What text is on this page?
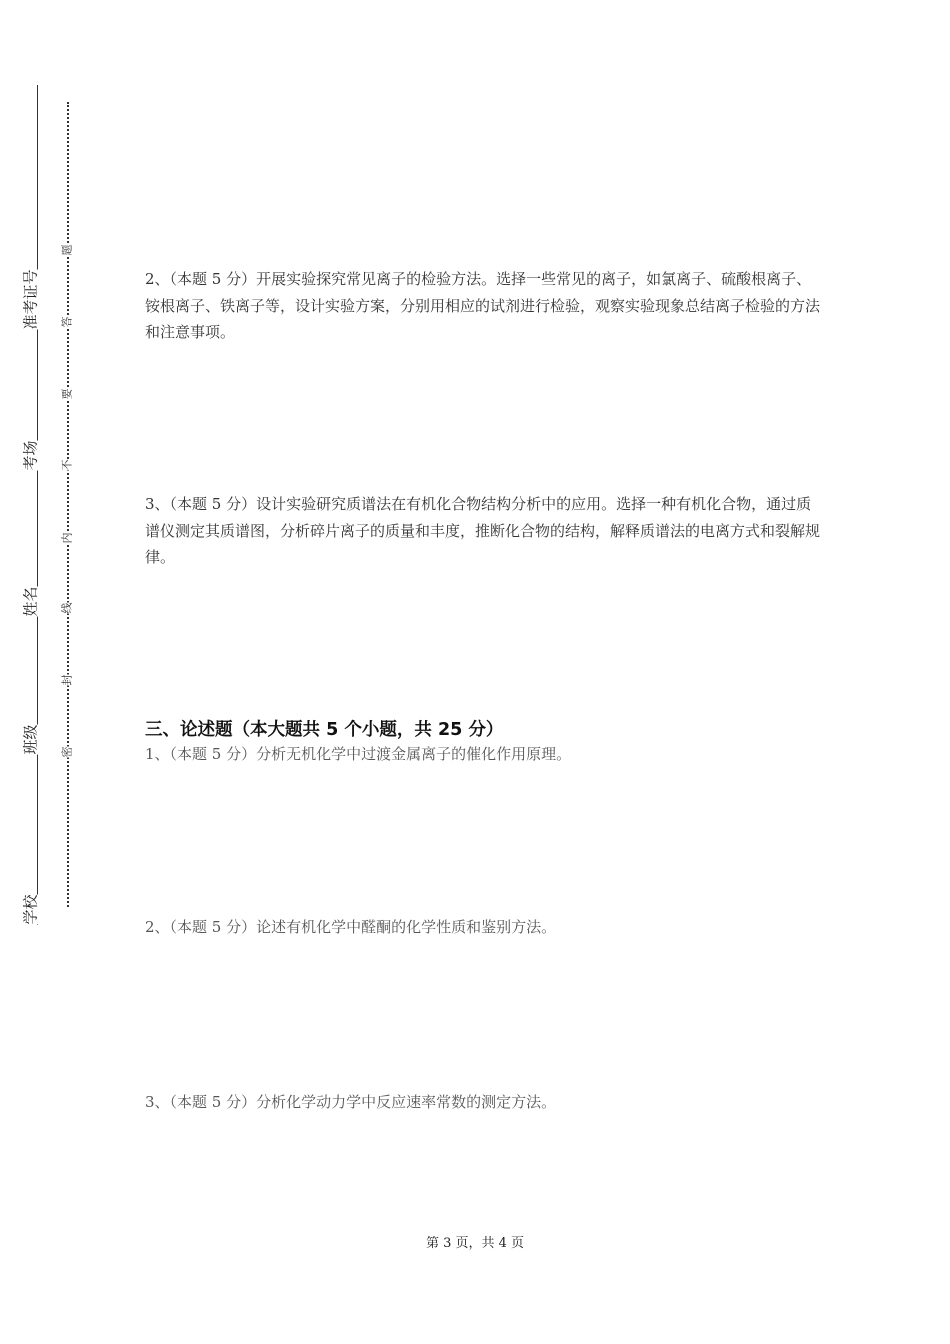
准考证号
考场
姓名
班级
学校
题
答
要
不
内
线
封
密

2、（本题 5 分）开展实验探究常见离子的检验方法。选择一些常见的离子，如氯离子、硫酸根离子、铵根离子、铁离子等，设计实验方案，分别用相应的试剂进行检验，观察实验现象总结离子检验的方法和注意事项。

3、（本题 5 分）设计实验研究质谱法在有机化合物结构分析中的应用。选择一种有机化合物，通过质谱仪测定其质谱图，分析碎片离子的质量和丰度，推断化合物的结构，解释质谱法的电离方式和裂解规律。

三、论述题（本大题共 5 个小题，共 25 分）

1、（本题 5 分）分析无机化学中过渡金属离子的催化作用原理。

2、（本题 5 分）论述有机化学中醛酮的化学性质和鉴别方法。

3、（本题 5 分）分析化学动力学中反应速率常数的测定方法。

第 3 页，共 4 页
